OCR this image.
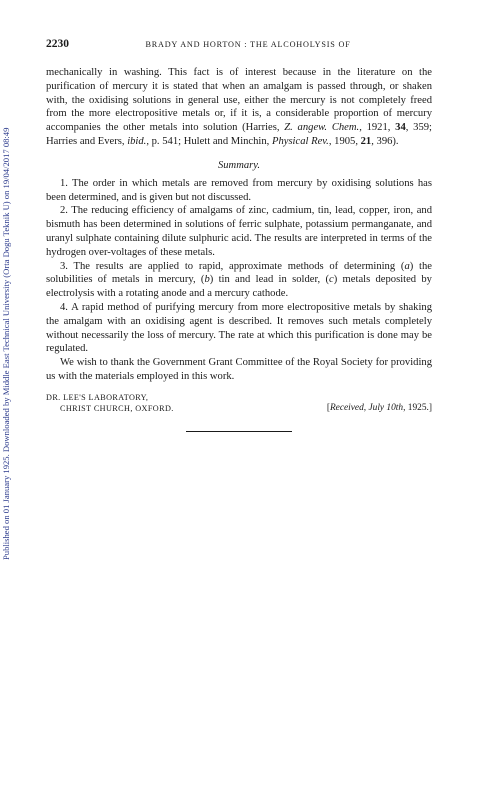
Published on 01 January 1925. Downloaded by Middle East Technical University (Orta Dogu Teknik U) on 19/04/2017 08:49
2230	BRADY AND HORTON : THE ALCOHOLYSIS OF

mechanically in washing. This fact is of interest because in the literature on the purification of mercury it is stated that when an amalgam is passed through, or shaken with, the oxidising solutions in general use, either the mercury is not completely freed from the more electropositive metals or, if it is, a considerable proportion of mercury accompanies the other metals into solution (Harries, Z. angew. Chem., 1921, 34, 359; Harries and Evers, ibid., p. 541; Hulett and Minchin, Physical Rev., 1905, 21, 396).

Summary.

1. The order in which metals are removed from mercury by oxidising solutions has been determined, and is given but not discussed.

2. The reducing efficiency of amalgams of zinc, cadmium, tin, lead, copper, iron, and bismuth has been determined in solutions of ferric sulphate, potassium permanganate, and uranyl sulphate containing dilute sulphuric acid. The results are interpreted in terms of the hydrogen over-voltages of these metals.

3. The results are applied to rapid, approximate methods of determining (a) the solubilities of metals in mercury, (b) tin and lead in solder, (c) metals deposited by electrolysis with a rotating anode and a mercury cathode.

4. A rapid method of purifying mercury from more electropositive metals by shaking the amalgam with an oxidising agent is described. It removes such metals completely without necessarily the loss of mercury. The rate at which this purification is done may be regulated.

We wish to thank the Government Grant Committee of the Royal Society for providing us with the materials employed in this work.

DR. LEE'S LABORATORY,
CHRIST CHURCH, OXFORD.	[Received, July 10th, 1925.]
